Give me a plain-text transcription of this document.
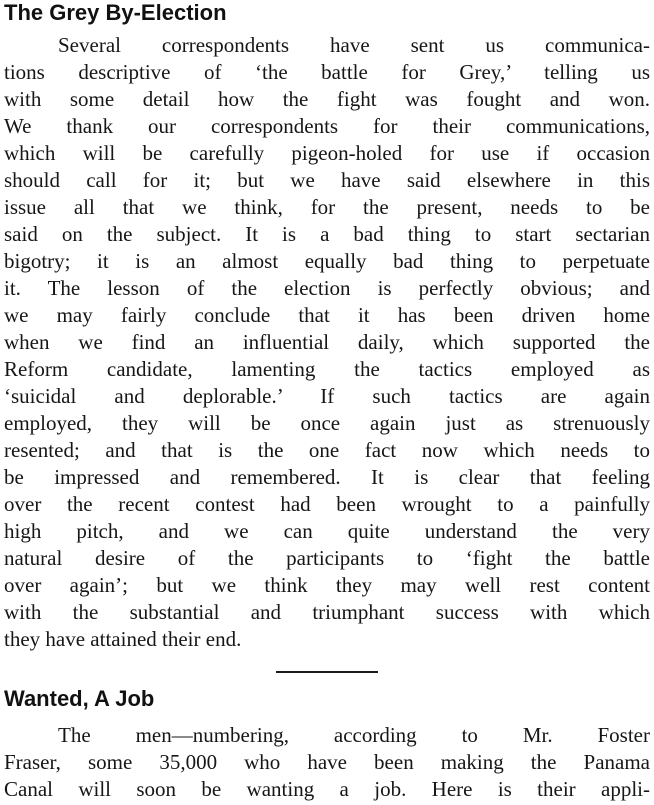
The Grey By-Election

Several correspondents have sent us communica-

tions descriptive of ‘the battle for Grey,’ telling us

with some detail how the fight was fought and won.

We thank our correspondents for their communications,

which will be carefully pigeon-holed for use if occasion

should call for it; but we have said elsewhere in this

issue all that we think, for the present, needs to be

said on the subject. It is a bad thing to start sectarian

bigotry; it is an almost equally bad thing to perpetuate

it. The lesson of the election is perfectly obvious; and

we may fairly conclude that it has been driven home

when we find an influential daily, which supported the

Reform candidate, lamenting the tactics employed as

‘suicidal and deplorable.’ If such tactics are again

employed, they will be once again just as strenuously

resented; and that is the one fact now which needs to

be impressed and remembered. It is clear that feeling

over the recent contest had been wrought to a painfully

high pitch, and we can quite understand the very

natural desire of the participants to ‘fight the battle

over again’; but we think they may well rest content

with the substantial and triumphant success with which

they have attained their end.

Wanted, A Job

The men—numbering, according to Mr. Foster

Fraser, some 35,000 who have been making the Panama

Canal will soon be wanting a job. Here is their appli-
